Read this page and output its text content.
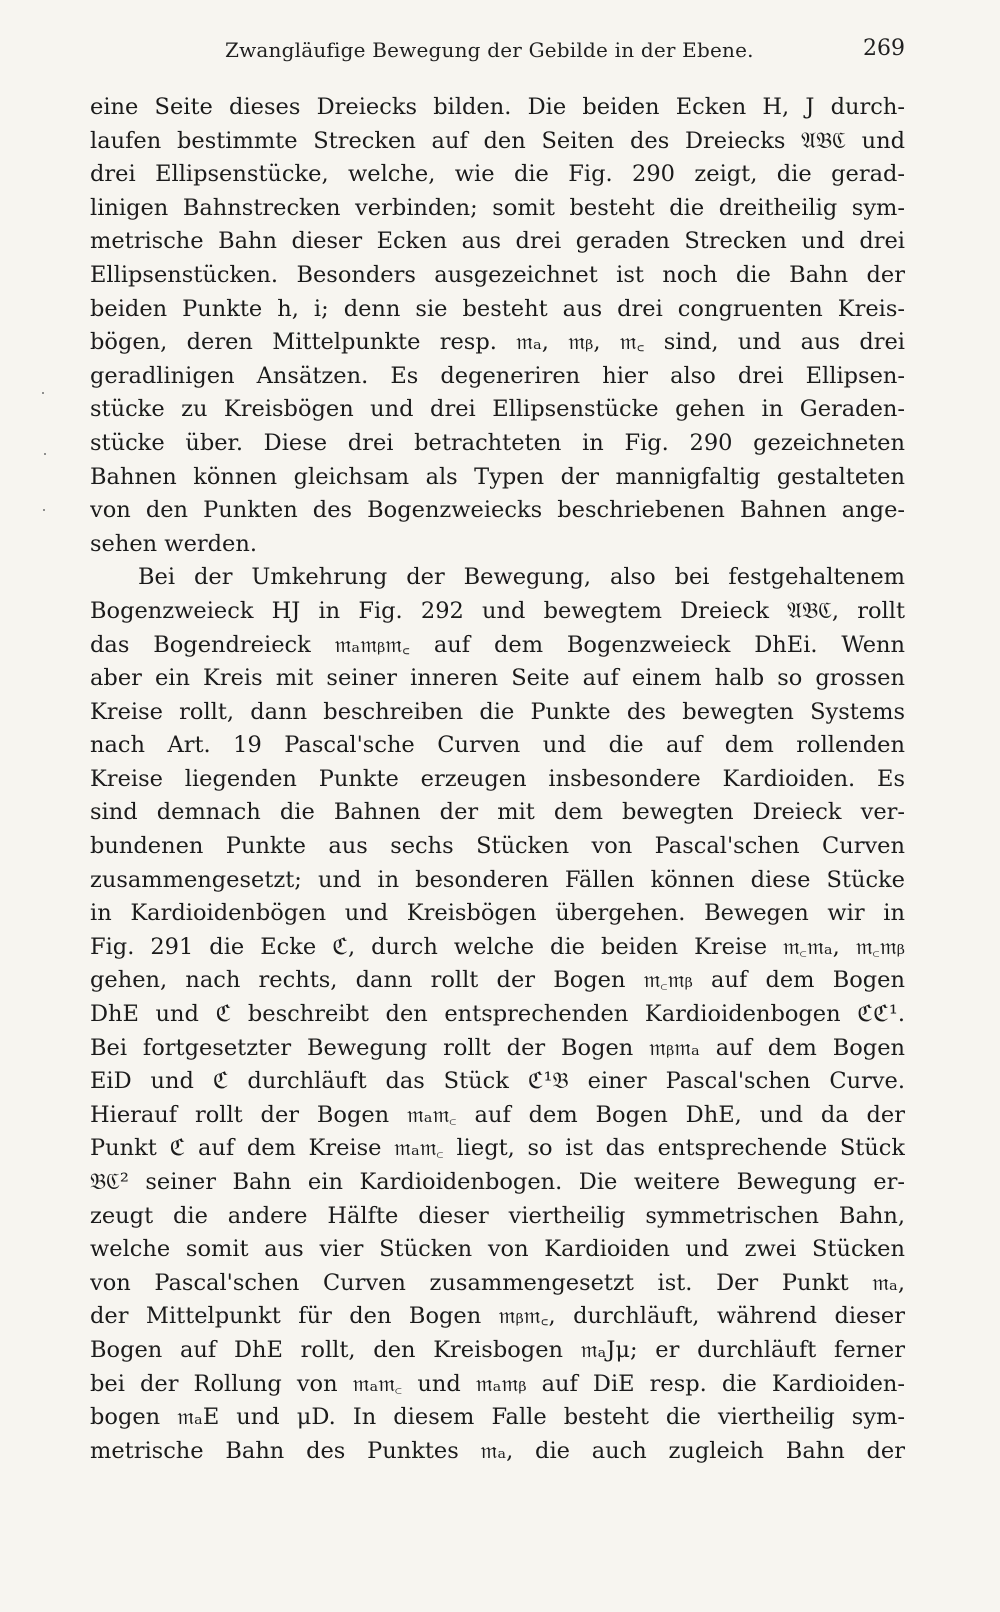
Zwangläufige Bewegung der Gebilde in der Ebene.	269
eine Seite dieses Dreiecks bilden. Die beiden Ecken H, J durch-
laufen bestimmte Strecken auf den Seiten des Dreiecks 𝔄𝔅ℭ und
drei Ellipsenstücke, welche, wie die Fig. 290 zeigt, die gerad-
linigen Bahnstrecken verbinden; somit besteht die dreitheilig sym-
metrische Bahn dieser Ecken aus drei geraden Strecken und drei
Ellipsenstücken. Besonders ausgezeichnet ist noch die Bahn der
beiden Punkte h, i; denn sie besteht aus drei congruenten Kreis-
bögen, deren Mittelpunkte resp. 𝔪ₐ, 𝔪ᵦ, 𝔪꜀ sind, und aus drei
geradlinigen Ansätzen. Es degeneriren hier also drei Ellipsen-
stücke zu Kreisbögen und drei Ellipsenstücke gehen in Geraden-
stücke über. Diese drei betrachteten in Fig. 290 gezeichneten
Bahnen können gleichsam als Typen der mannigfaltig gestalteten
von den Punkten des Bogenzweiecks beschriebenen Bahnen ange-
sehen werden.
Bei der Umkehrung der Bewegung, also bei festgehaltenem
Bogenzweieck HJ in Fig. 292 und bewegtem Dreieck 𝔄𝔅ℭ, rollt
das Bogendreieck 𝔪ₐ𝔪ᵦ𝔪꜀ auf dem Bogenzweieck DhEi. Wenn
aber ein Kreis mit seiner inneren Seite auf einem halb so grossen
Kreise rollt, dann beschreiben die Punkte des bewegten Systems
nach Art. 19 Pascal'sche Curven und die auf dem rollenden
Kreise liegenden Punkte erzeugen insbesondere Kardioiden. Es
sind demnach die Bahnen der mit dem bewegten Dreieck ver-
bundenen Punkte aus sechs Stücken von Pascal'schen Curven
zusammengesetzt; und in besonderen Fällen können diese Stücke
in Kardioidenbögen und Kreisbögen übergehen. Bewegen wir in
Fig. 291 die Ecke ℭ, durch welche die beiden Kreise 𝔪꜀𝔪ₐ, 𝔪꜀𝔪ᵦ
gehen, nach rechts, dann rollt der Bogen 𝔪꜀𝔪ᵦ auf dem Bogen
DhE und ℭ beschreibt den entsprechenden Kardioidenbogen ℭℭ¹.
Bei fortgesetzter Bewegung rollt der Bogen 𝔪ᵦ𝔪ₐ auf dem Bogen
EiD und ℭ durchläuft das Stück ℭ¹𝔅 einer Pascal'schen Curve.
Hierauf rollt der Bogen 𝔪ₐ𝔪꜀ auf dem Bogen DhE, und da der
Punkt ℭ auf dem Kreise 𝔪ₐ𝔪꜀ liegt, so ist das entsprechende Stück
𝔅ℭ² seiner Bahn ein Kardioidenbogen. Die weitere Bewegung er-
zeugt die andere Hälfte dieser viertheilig symmetrischen Bahn,
welche somit aus vier Stücken von Kardioiden und zwei Stücken
von Pascal'schen Curven zusammengesetzt ist. Der Punkt 𝔪ₐ,
der Mittelpunkt für den Bogen 𝔪ᵦ𝔪꜀, durchläuft, während dieser
Bogen auf DhE rollt, den Kreisbogen 𝔪ₐJμ; er durchläuft ferner
bei der Rollung von 𝔪ₐ𝔪꜀ und 𝔪ₐ𝔪ᵦ auf DiE resp. die Kardioiden-
bogen 𝔪ₐE und μD. In diesem Falle besteht die viertheilig sym-
metrische Bahn des Punktes 𝔪ₐ, die auch zugleich Bahn der
